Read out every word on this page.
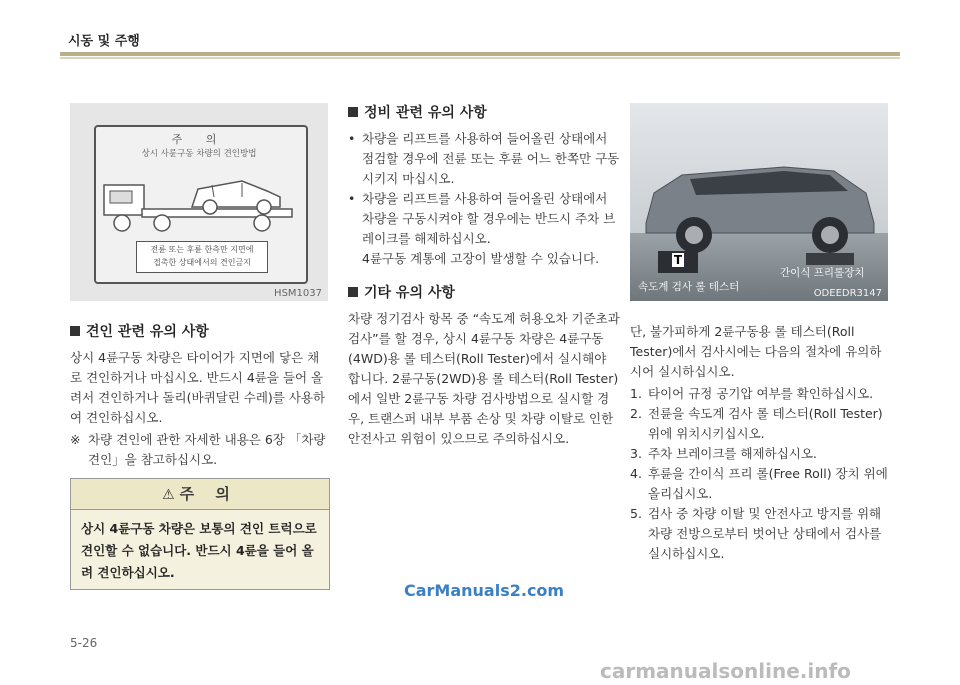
시동 및 주행
주 의
상시 사륜구동 차량의 견인방법
전륜 또는 후륜 한측만 지면에
접촉한 상태에서의 견인금지
HSM1037
견인 관련 유의 사항

상시 4륜구동 차량은 타이어가 지면에 닿은 채로 견인하거나 마십시오. 반드시 4륜을 들어 올려서 견인하거나 돌리(바퀴달린 수레)를 사용하여 견인하십시오.

※ 차량 견인에 관한 자세한 내용은 6장 「차량 견인」을 참고하십시오.
⚠ 주 의
상시 4륜구동 차량은 보통의 견인 트럭으로 견인할 수 없습니다. 반드시 4륜을 들어 올려 견인하십시오.
정비 관련 유의 사항
• 차량을 리프트를 사용하여 들어올린 상태에서 점검할 경우에 전륜 또는 후륜 어느 한쪽만 구동시키지 마십시오.
• 차량을 리프트를 사용하여 들어올린 상태에서 차량을 구동시켜야 할 경우에는 반드시 주차 브레이크를 해제하십시오.
4륜구동 계통에 고장이 발생할 수 있습니다.
기타 유의 사항

차량 정기검사 항목 중 “속도계 허용오차 기준초과 검사”를 할 경우, 상시 4륜구동 차량은 4륜구동(4WD)용 롤 테스터(Roll Tester)에서 실시해야 합니다. 2륜구동(2WD)용 롤 테스터(Roll Tester)에서 일반 2륜구동 차량 검사방법으로 실시할 경우, 트랜스퍼 내부 부품 손상 및 차량 이탈로 인한 안전사고 위험이 있으므로 주의하십시오.

T
속도계 검사 롤 테스터
간이식 프리롤장치
ODEEDR3147

단, 불가피하게 2륜구동용 롤 테스터(Roll Tester)에서 검사시에는 다음의 절차에 유의하시어 실시하십시오.

1. 타이어 규정 공기압 여부를 확인하십시오.
2. 전륜을 속도계 검사 롤 테스터(Roll Tester) 위에 위치시키십시오.
3. 주차 브레이크를 해제하십시오.
4. 후륜을 간이식 프리 롤(Free Roll) 장치 위에 올리십시오.
5. 검사 중 차량 이탈 및 안전사고 방지를 위해 차량 전방으로부터 벗어난 상태에서 검사를 실시하십시오.
CarManuals2.com
5-26
carmanualsonline.info
